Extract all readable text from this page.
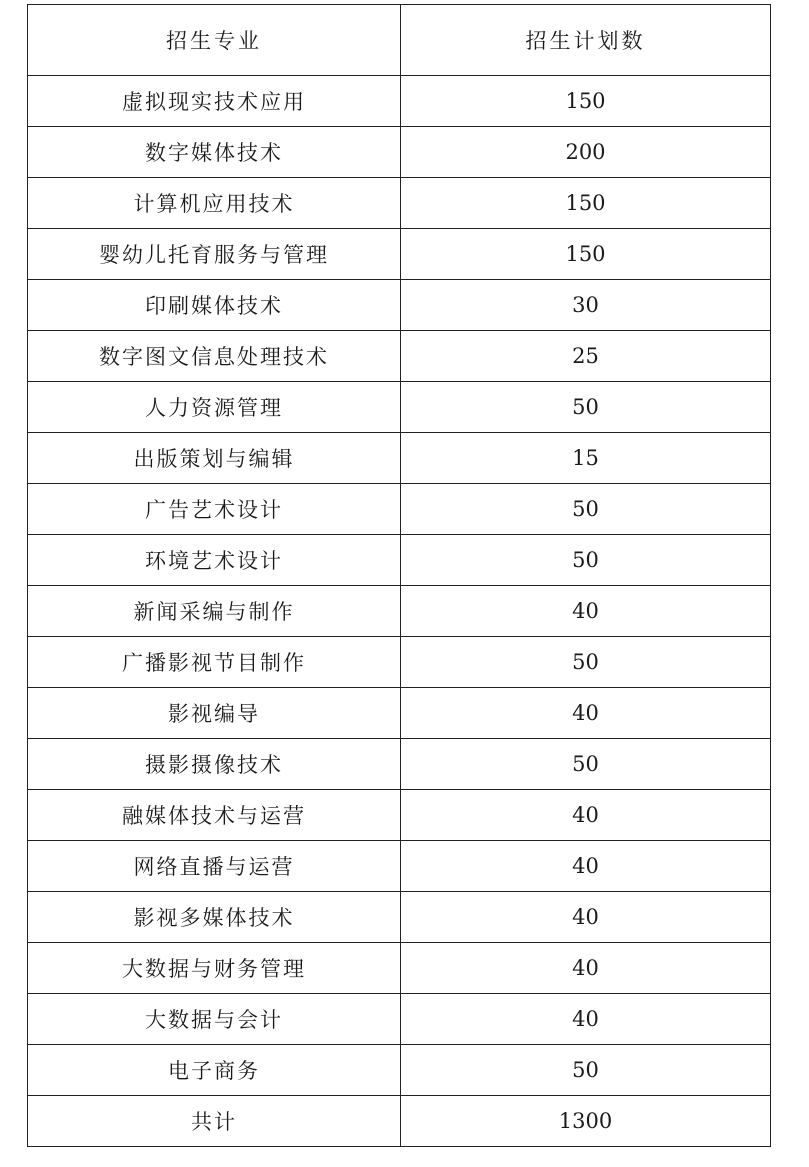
招生专业	招生计划数
虚拟现实技术应用	150
数字媒体技术	200
计算机应用技术	150
婴幼儿托育服务与管理	150
印刷媒体技术	30
数字图文信息处理技术	25
人力资源管理	50
出版策划与编辑	15
广告艺术设计	50
环境艺术设计	50
新闻采编与制作	40
广播影视节目制作	50
影视编导	40
摄影摄像技术	50
融媒体技术与运营	40
网络直播与运营	40
影视多媒体技术	40
大数据与财务管理	40
大数据与会计	40
电子商务	50
共计	1300
